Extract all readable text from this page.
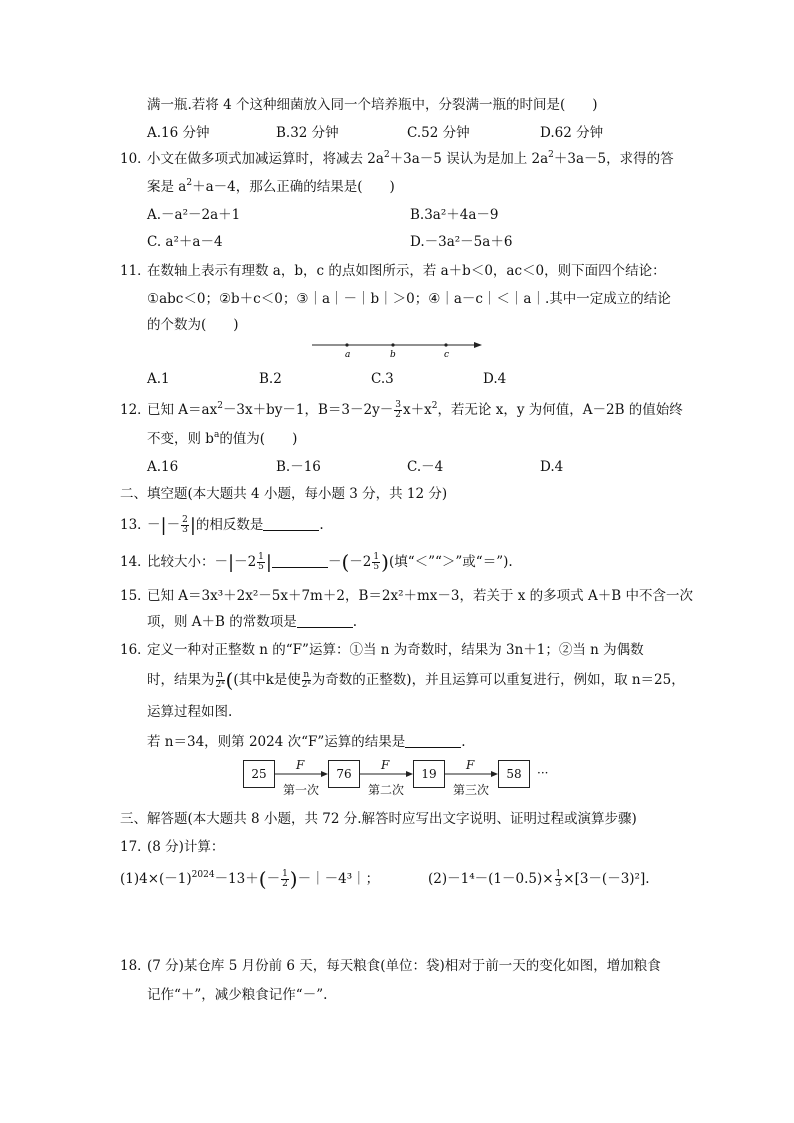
满一瓶.若将 4 个这种细菌放入同一个培养瓶中，分裂满一瓶的时间是(　　)
A.16 分钟	B.32 分钟	C.52 分钟	D.62 分钟
10．
小文在做多项式加减运算时，将减去 $2a^2+3a-5$ 误认为是加上 $2a^2+3a-5$，求得的答
案是 $a^2+a-4$，那么正确的结果是(　　)
A.－a²－2a＋1	B.3a²＋4a－9
C. a²＋a－4	D.－3a²－5a＋6
11．
在数轴上表示有理数 a，b，c 的点如图所示，若 a＋b＜0，ac＜0，则下面四个结论：
①abc＜0；②b＋c＜0；③｜a｜－｜b｜＞0；④｜a－c｜＜｜a｜.其中一定成立的结论
的个数为(　　)
a	b	c
A.1	B.2	C.3	D.4
12．
已知 $A=ax^2-3x+by-1$，$B=3-2y- \frac{3}{2} x+x^2$，若无论 x，y 为何值，A－2B 的值始终
不变，则 $b^a$的值为(　　)
A.16	B.－16	C.－4	D.4
二、填空题(本大题共 4 小题，每小题 3 分，共 12 分)
13．
－|－ $\frac{2}{3}$ |的相反数是	.
14．
比较大小：$-|-2 \frac{1}{5}$ |	$-(-2 \frac{1}{5}$ )(填“＜”“＞”或“＝”).
15．
已知 A＝3x³＋2x²－5x＋7m＋2，B＝2x²＋mx－3，若关于 x 的多项式 A＋B 中不含一次
项，则 A＋B 的常数项是	.
16．
定义一种对正整数 n 的“F”运算：①当 n 为奇数时，结果为 3n＋1；②当 n 为偶数
时，结果为 $\frac{n}{\text{2ᵏ}}$ ((其中k是使 $\frac{n}{\text{2ᵏ}}$ 为奇数的正整数)，并且运算可以重复进行，例如，取 n＝25，
运算过程如图.
若 n＝34，则第 2024 次“F”运算的结果是	.
25	76	19	58
F	F	F
第一次	第二次	第三次
···
三、解答题(本大题共 8 小题，共 72 分.解答时应写出文字说明、证明过程或演算步骤)
17．
(8 分)计算：
$(1)4\times(-1)^{2024}-13+(- \frac{1}{2}$ )－｜－4³｜；	$(2)-1^4-(1-0.5)\times \frac{1}{3} \times[3-(-3)^2]$.
18．
(7 分)某仓库 5 月份前 6 天，每天粮食(单位：袋)相对于前一天的变化如图，增加粮食
记作“＋”，减少粮食记作“－”.
